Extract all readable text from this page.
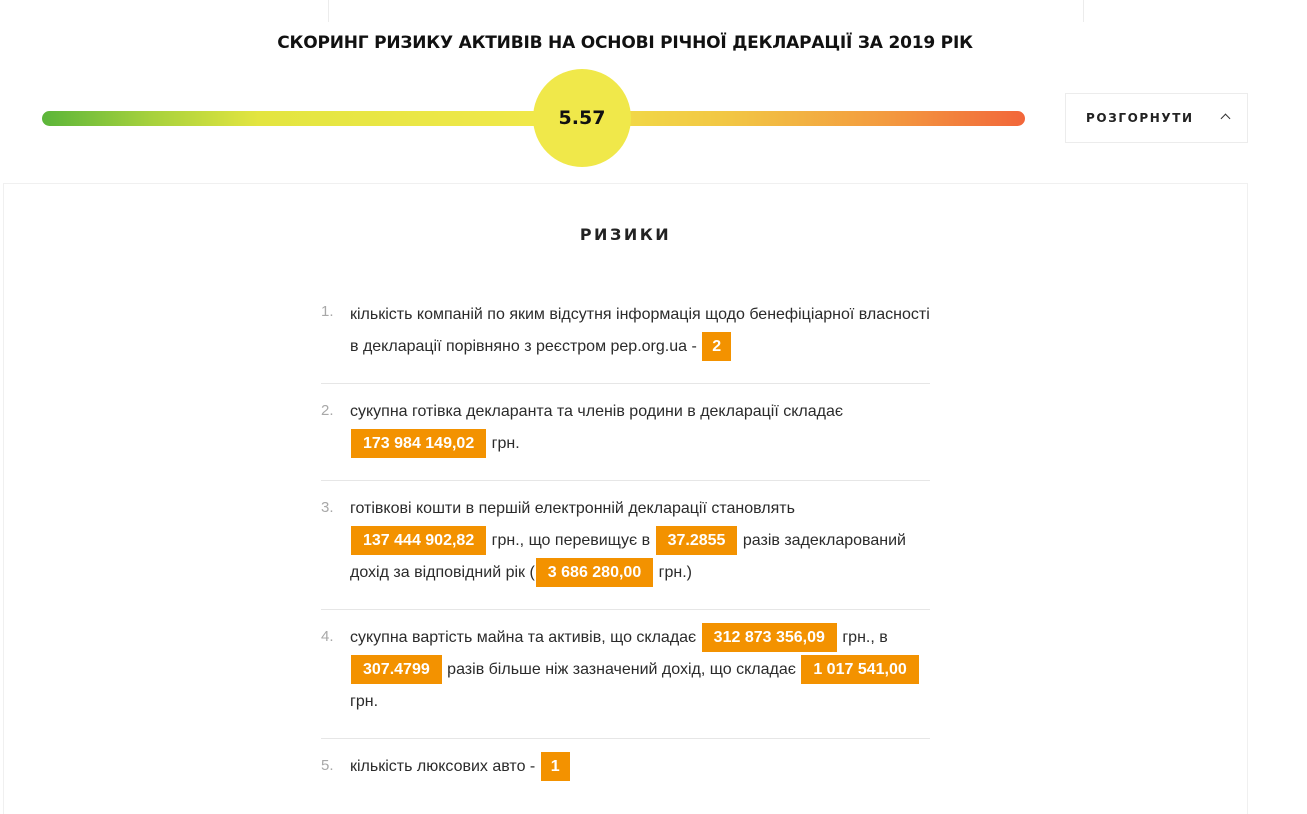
СКОРИНГ РИЗИКУ АКТИВІВ НА ОСНОВІ РІЧНОЇ ДЕКЛАРАЦІЇ ЗА 2019 РІК
5.57	РОЗГОРНУТИ
РИЗИКИ
1. кількість компаній по яким відсутня інформація щодо бенефіціарної власності в декларації порівняно з реєстром pep.org.ua - 2
2. сукупна готівка декларанта та членів родини в декларації складає 173 984 149,02 грн.
3. готівкові кошти в першій електронній декларації становлять 137 444 902,82 грн., що перевищує в 37.2855 разів задекларований дохід за відповідний рік ( 3 686 280,00 грн.)
4. сукупна вартість майна та активів, що складає 312 873 356,09 грн., в 307.4799 разів більше ніж зазначений дохід, що складає 1 017 541,00 грн.
5. кількість люксових авто - 1
